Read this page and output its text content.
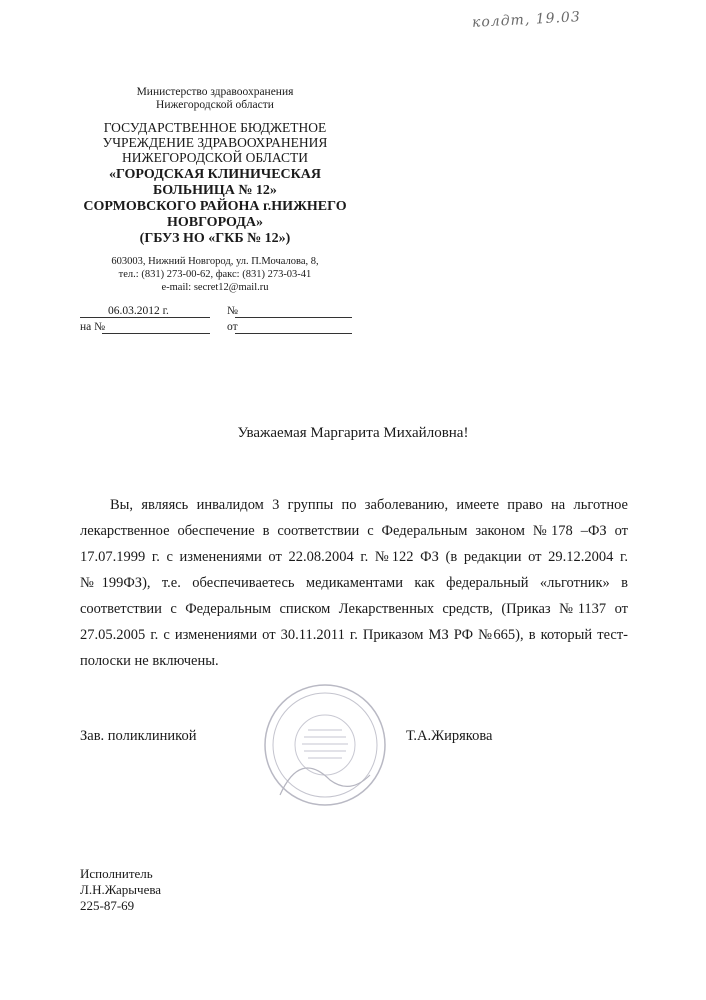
колдт, 19.03
Министерство здравоохранения
Нижегородской области
ГОСУДАРСТВЕННОЕ БЮДЖЕТНОЕ
УЧРЕЖДЕНИЕ ЗДРАВООХРАНЕНИЯ
НИЖЕГОРОДСКОЙ ОБЛАСТИ
«ГОРОДСКАЯ КЛИНИЧЕСКАЯ
БОЛЬНИЦА № 12»
СОРМОВСКОГО РАЙОНА г.НИЖНЕГО
НОВГОРОДА»
(ГБУЗ НО «ГКБ № 12»)
603003, Нижний Новгород, ул. П.Мочалова, 8,
тел.: (831) 273-00-62, факс: (831) 273-03-41
e-mail: secret12@mail.ru
06.03.2012 г.	№
на №	от
Уважаемая Маргарита Михайловна!
Вы, являясь инвалидом 3 группы по заболеванию, имеете право на льготное лекарственное обеспечение в соответствии с Федеральным законом №178 –ФЗ от 17.07.1999 г. с изменениями от 22.08.2004 г. №122 ФЗ (в редакции от 29.12.2004 г. №199ФЗ), т.е. обеспечиваетесь медикаментами как федеральный «льготник» в соответствии с Федеральным списком Лекарственных средств, (Приказ №1137 от 27.05.2005 г. с изменениями от 30.11.2011 г. Приказом МЗ РФ №665), в который тест-полоски не включены.
Зав. поликлиникой	Т.А.Жирякова
Исполнитель
Л.Н.Жарычева
225-87-69
